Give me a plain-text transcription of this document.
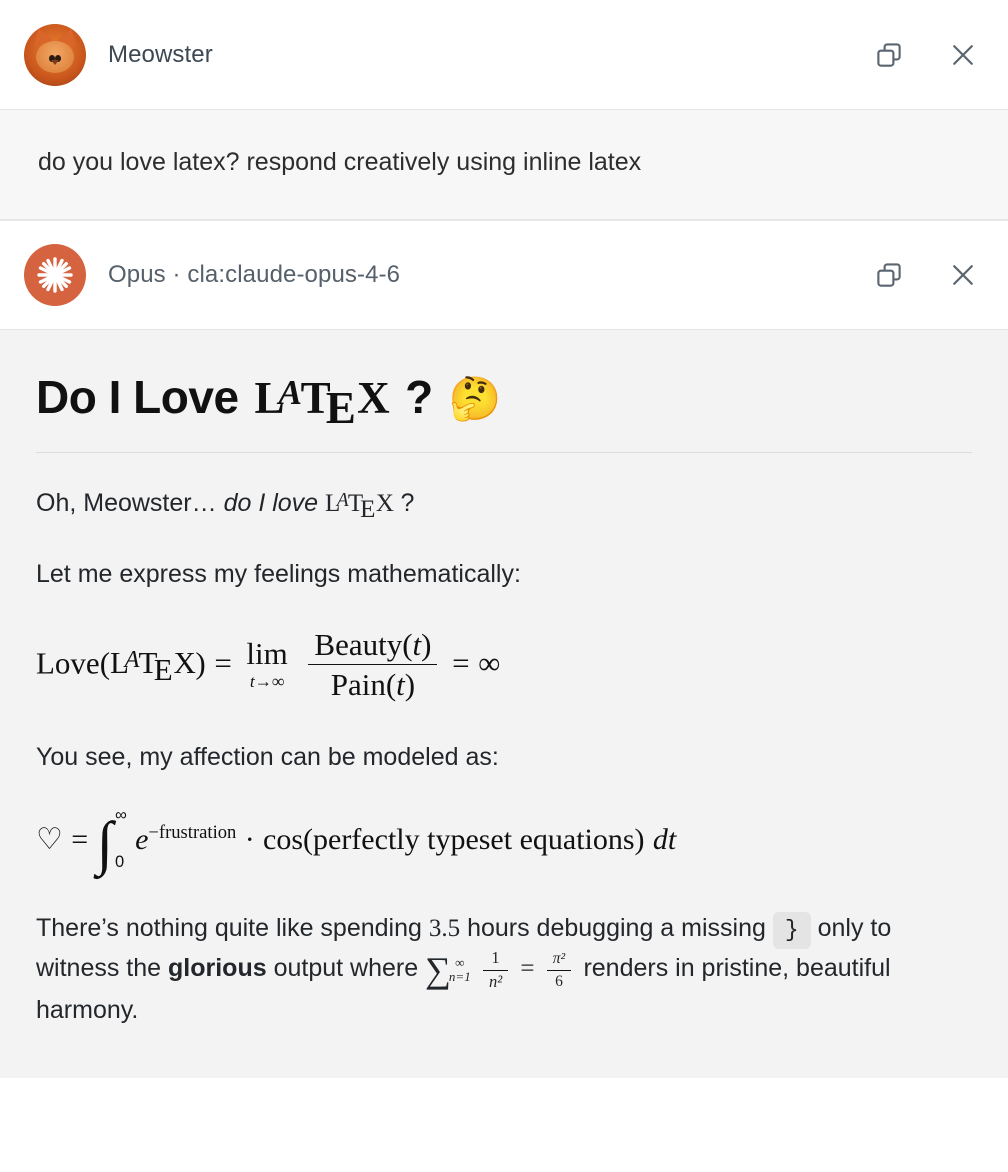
Meowster
do you love latex? respond creatively using inline latex
Opus · cla:claude-opus-4-6
Do I Love $L^ATEX$ ? 🤔

Oh, Meowster… do I love $L^ATEX$ ?

Let me express my feelings mathematically:

$Love(L^ATEX) = \lim$
t→∞
$\frac{\text{Beauty(t)}}{\text{Pain(t)}}$ = ∞

You see, my affection can be modeled as:

♡ = ∫ ∞
0
$e^{-frustration}$ · cos(perfectly typeset equations) dt

There’s nothing quite like spending 3.5 hours debugging a missing } only to witness the glorious output where ∑ ∞
n=1
$\frac{1}{\text{n²}} = \frac{\text{π²}}{6}$ renders in pristine, beautiful harmony.
